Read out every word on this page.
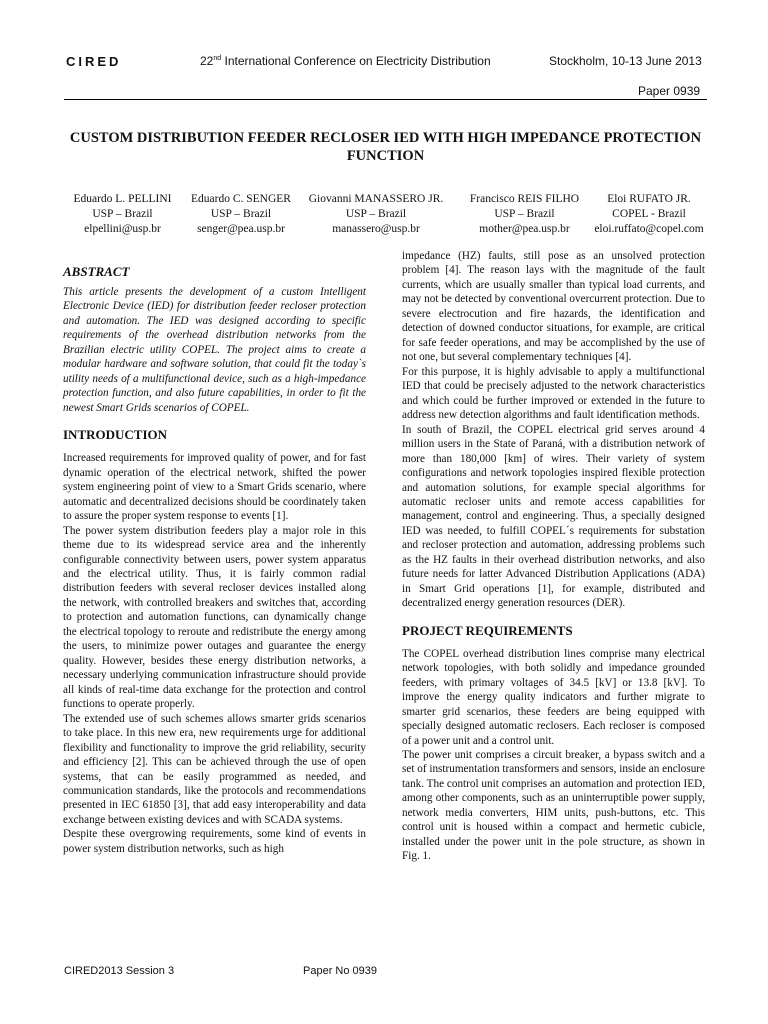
CIRED	22nd International Conference on Electricity Distribution	Stockholm, 10-13 June 2013
Paper 0939
CUSTOM DISTRIBUTION FEEDER RECLOSER IED WITH HIGH IMPEDANCE PROTECTION FUNCTION
Eduardo L. PELLINI
USP – Brazil
elpellini@usp.br
Eduardo C. SENGER
USP – Brazil
senger@pea.usp.br
Giovanni MANASSERO JR.
USP – Brazil
manassero@usp.br
Francisco REIS FILHO
USP – Brazil
mother@pea.usp.br
Eloi RUFATO JR.
COPEL - Brazil
eloi.ruffato@copel.com
ABSTRACT

This article presents the development of a custom Intelligent Electronic Device (IED) for distribution feeder recloser protection and automation. The IED was designed according to specific requirements of the overhead distribution networks from the Brazilian electric utility COPEL. The project aims to create a modular hardware and software solution, that could fit the today`s utility needs of a multifunctional device, such as a high-impedance protection function, and also future capabilities, in order to fit the newest Smart Grids scenarios of COPEL.

INTRODUCTION

Increased requirements for improved quality of power, and for fast dynamic operation of the electrical network, shifted the power system engineering point of view to a Smart Grids scenario, where automatic and decentralized decisions should be coordinately taken to assure the proper system response to events [1].

The power system distribution feeders play a major role in this theme due to its widespread service area and the inherently configurable connectivity between users, power system apparatus and the electrical utility. Thus, it is fairly common radial distribution feeders with several recloser devices installed along the network, with controlled breakers and switches that, according to protection and automation functions, can dynamically change the electrical topology to reroute and redistribute the energy among the users, to minimize power outages and guarantee the energy quality. However, besides these energy distribution networks, a necessary underlying communication infrastructure should provide all kinds of real-time data exchange for the protection and control functions to operate properly.

The extended use of such schemes allows smarter grids scenarios to take place. In this new era, new requirements urge for additional flexibility and functionality to improve the grid reliability, security and efficiency [2]. This can be achieved through the use of open systems, that can be easily programmed as needed, and communication standards, like the protocols and recommendations presented in IEC 61850 [3], that add easy interoperability and data exchange between existing devices and with SCADA systems.

Despite these overgrowing requirements, some kind of events in power system distribution networks, such as high

impedance (HZ) faults, still pose as an unsolved protection problem [4]. The reason lays with the magnitude of the fault currents, which are usually smaller than typical load currents, and may not be detected by conventional overcurrent protection. Due to severe electrocution and fire hazards, the identification and detection of downed conductor situations, for example, are critical for safe feeder operations, and may be accomplished by the use of not one, but several complementary techniques [4].

For this purpose, it is highly advisable to apply a multifunctional IED that could be precisely adjusted to the network characteristics and which could be further improved or extended in the future to address new detection algorithms and fault identification methods.

In south of Brazil, the COPEL electrical grid serves around 4 million users in the State of Paraná, with a distribution network of more than 180,000 [km] of wires. Their variety of system configurations and network topologies inspired flexible protection and automation solutions, for example special algorithms for automatic recloser units and remote access capabilities for management, control and engineering. Thus, a specially designed IED was needed, to fulfill COPEL´s requirements for substation and recloser protection and automation, addressing problems such as the HZ faults in their overhead distribution networks, and also future needs for latter Advanced Distribution Applications (ADA) in Smart Grid operations [1], for example, distributed and decentralized energy generation resources (DER).

PROJECT REQUIREMENTS

The COPEL overhead distribution lines comprise many electrical network topologies, with both solidly and impedance grounded feeders, with primary voltages of 34.5 [kV] or 13.8 [kV]. To improve the energy quality indicators and further migrate to smarter grid scenarios, these feeders are being equipped with specially designed automatic reclosers. Each recloser is composed of a power unit and a control unit.

The power unit comprises a circuit breaker, a bypass switch and a set of instrumentation transformers and sensors, inside an enclosure tank. The control unit comprises an automation and protection IED, among other components, such as an uninterruptible power supply, network media converters, HIM units, push-buttons, etc. This control unit is housed within a compact and hermetic cubicle, installed under the power unit in the pole structure, as shown in Fig. 1.

CIRED2013 Session 3	Paper No 0939
